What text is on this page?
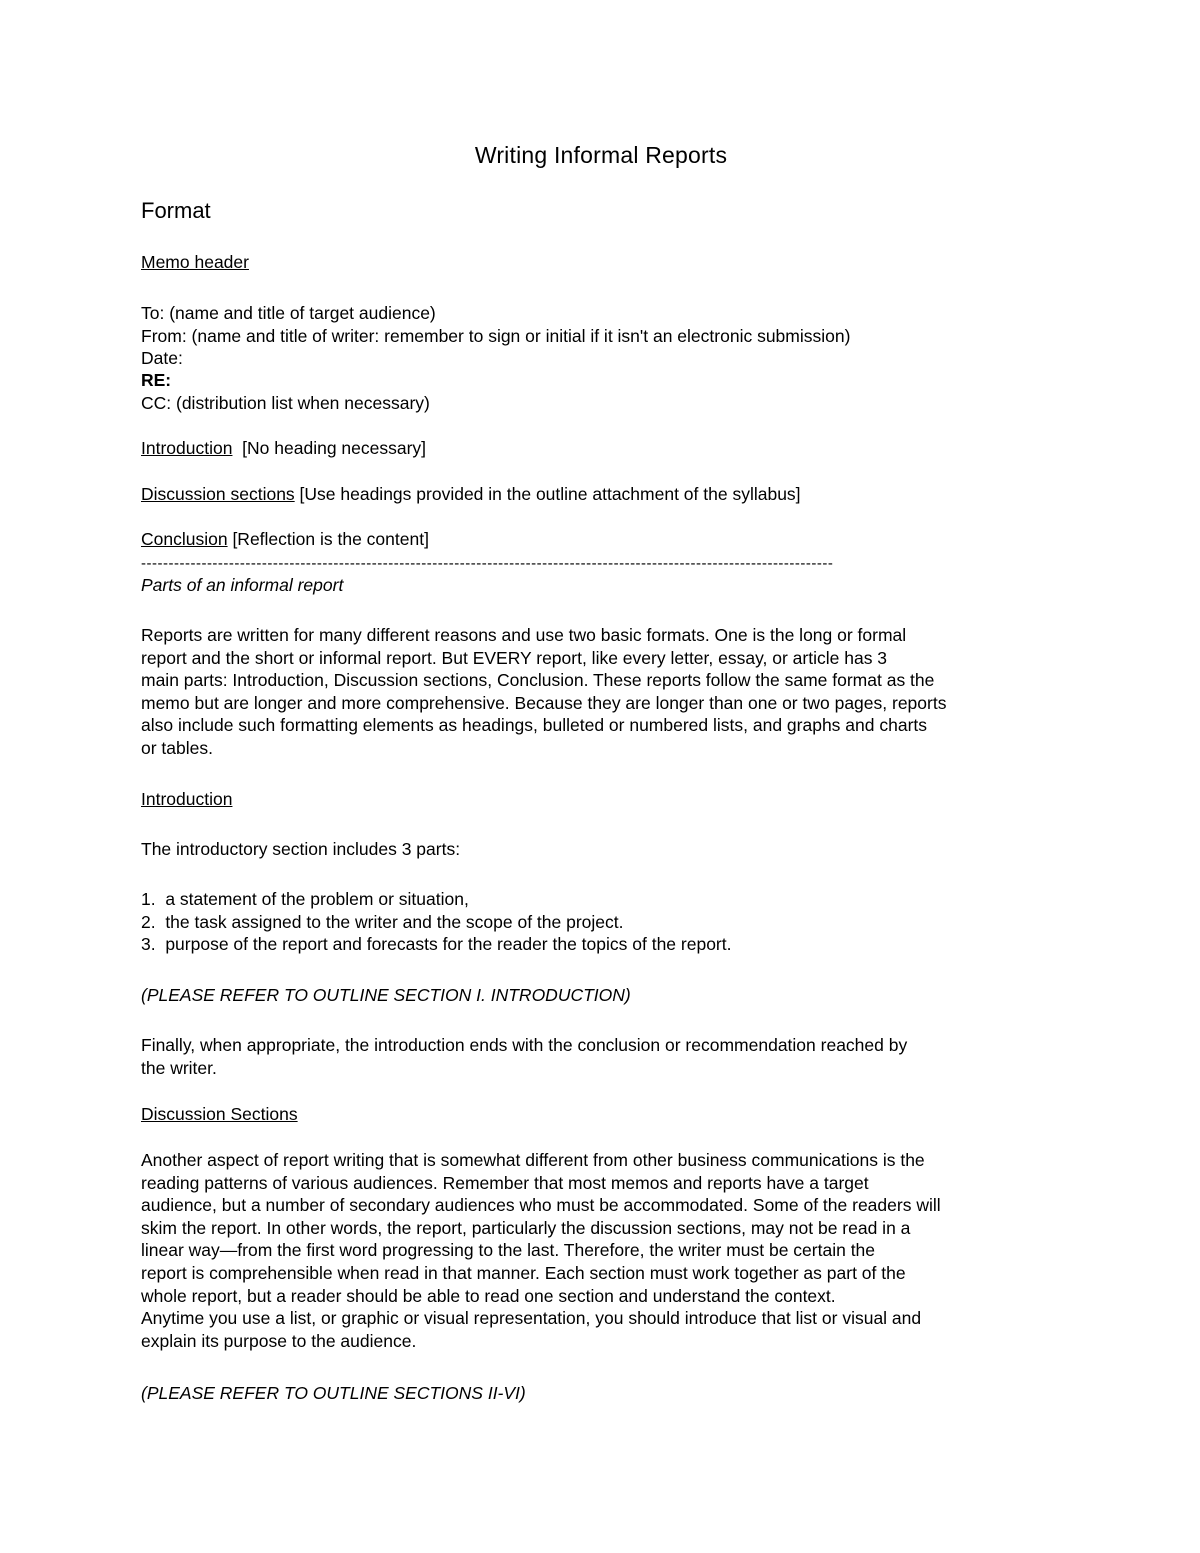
Writing Informal Reports
Format
Memo header
To: (name and title of target audience)
From: (name and title of writer: remember to sign or initial if it isn't an electronic submission)
Date:
RE:
CC: (distribution list when necessary)
Introduction  [No heading necessary]
Discussion sections [Use headings provided in the outline attachment of the syllabus]
Conclusion [Reflection is the content]
------------------------------------------------------------------------------------------------------------------------------
Parts of an informal report
Reports are written for many different reasons and use two basic formats. One is the long or formal
report and the short or informal report. But EVERY report, like every letter, essay, or article has 3
main parts: Introduction, Discussion sections, Conclusion. These reports follow the same format as the
memo but are longer and more comprehensive. Because they are longer than one or two pages, reports
also include such formatting elements as headings, bulleted or numbered lists, and graphs and charts
or tables.
Introduction
The introductory section includes 3 parts:
1.  a statement of the problem or situation,
2.  the task assigned to the writer and the scope of the project.
3.  purpose of the report and forecasts for the reader the topics of the report.
(PLEASE REFER TO OUTLINE SECTION I. INTRODUCTION)
Finally, when appropriate, the introduction ends with the conclusion or recommendation reached by
the writer.
Discussion Sections
Another aspect of report writing that is somewhat different from other business communications is the
reading patterns of various audiences. Remember that most memos and reports have a target
audience, but a number of secondary audiences who must be accommodated. Some of the readers will
skim the report. In other words, the report, particularly the discussion sections, may not be read in a
linear way—from the first word progressing to the last. Therefore, the writer must be certain the
report is comprehensible when read in that manner. Each section must work together as part of the
whole report, but a reader should be able to read one section and understand the context.
Anytime you use a list, or graphic or visual representation, you should introduce that list or visual and
explain its purpose to the audience.
(PLEASE REFER TO OUTLINE SECTIONS II-VI)
